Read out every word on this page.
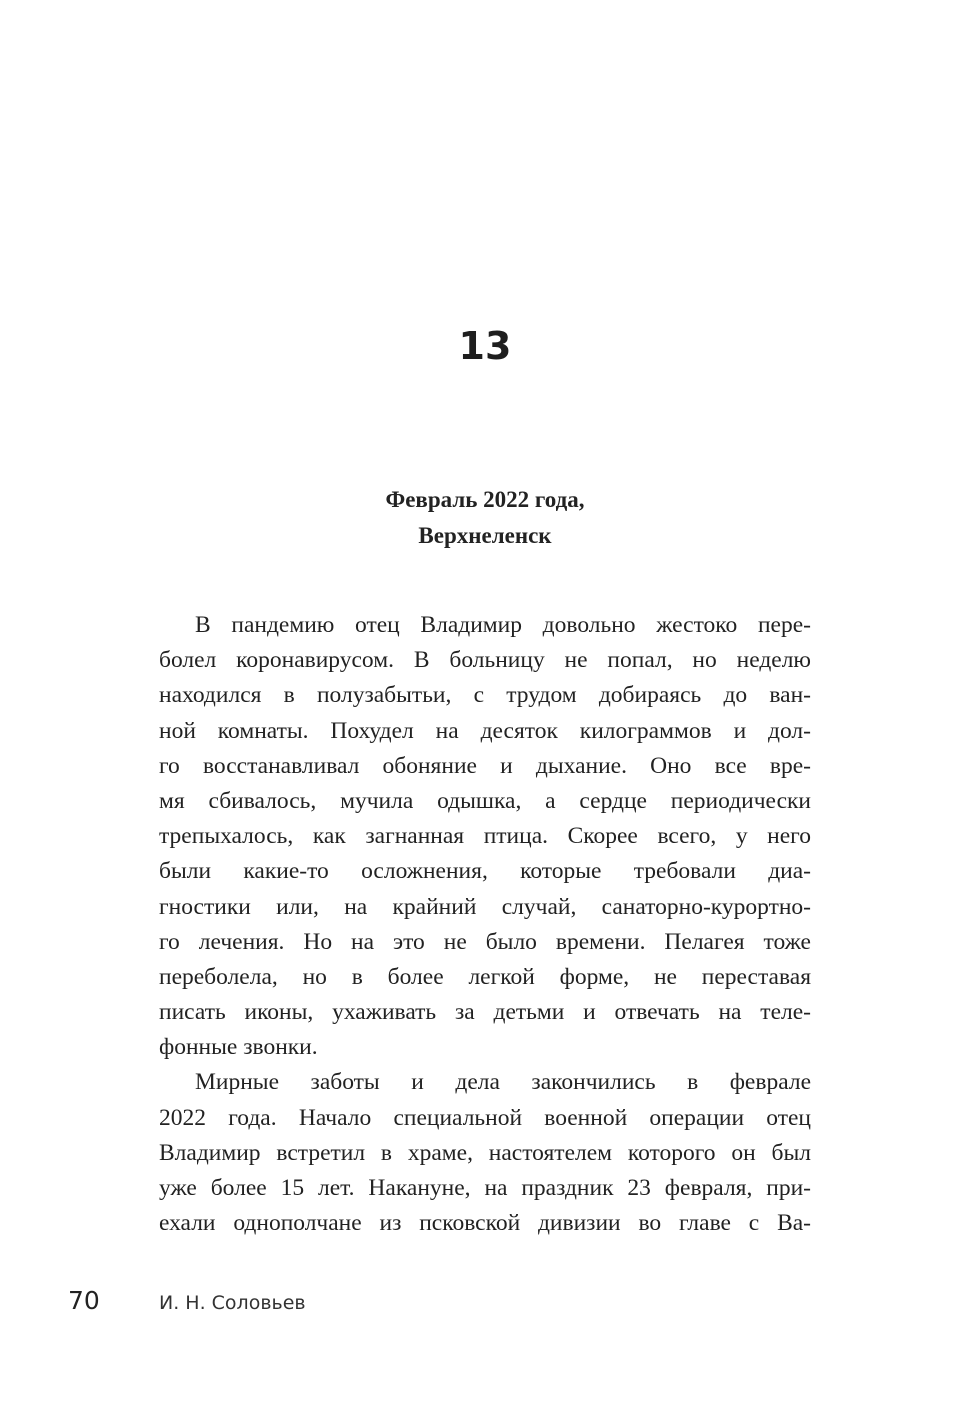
13
Февраль 2022 года,
Верхнеленск
В пандемию отец Владимир довольно жестоко пере-
болел коронавирусом. В больницу не попал, но неделю
находился в полузабытьи, с трудом добираясь до ван-
ной комнаты. Похудел на десяток килограммов и дол-
го восстанавливал обоняние и дыхание. Оно все вре-
мя сбивалось, мучила одышка, а сердце периодически
трепыхалось, как загнанная птица. Скорее всего, у него
были какие-то осложнения, которые требовали диа-
гностики или, на крайний случай, санаторно-курортно-
го лечения. Но на это не было времени. Пелагея тоже
переболела, но в более легкой форме, не переставая
писать иконы, ухаживать за детьми и отвечать на теле-
фонные звонки.
Мирные заботы и дела закончились в феврале
2022 года. Начало специальной военной операции отец
Владимир встретил в храме, настоятелем которого он был
уже более 15 лет. Накануне, на праздник 23 февраля, при-
ехали однополчане из псковской дивизии во главе с Ва-
70	И. Н. Соловьев
